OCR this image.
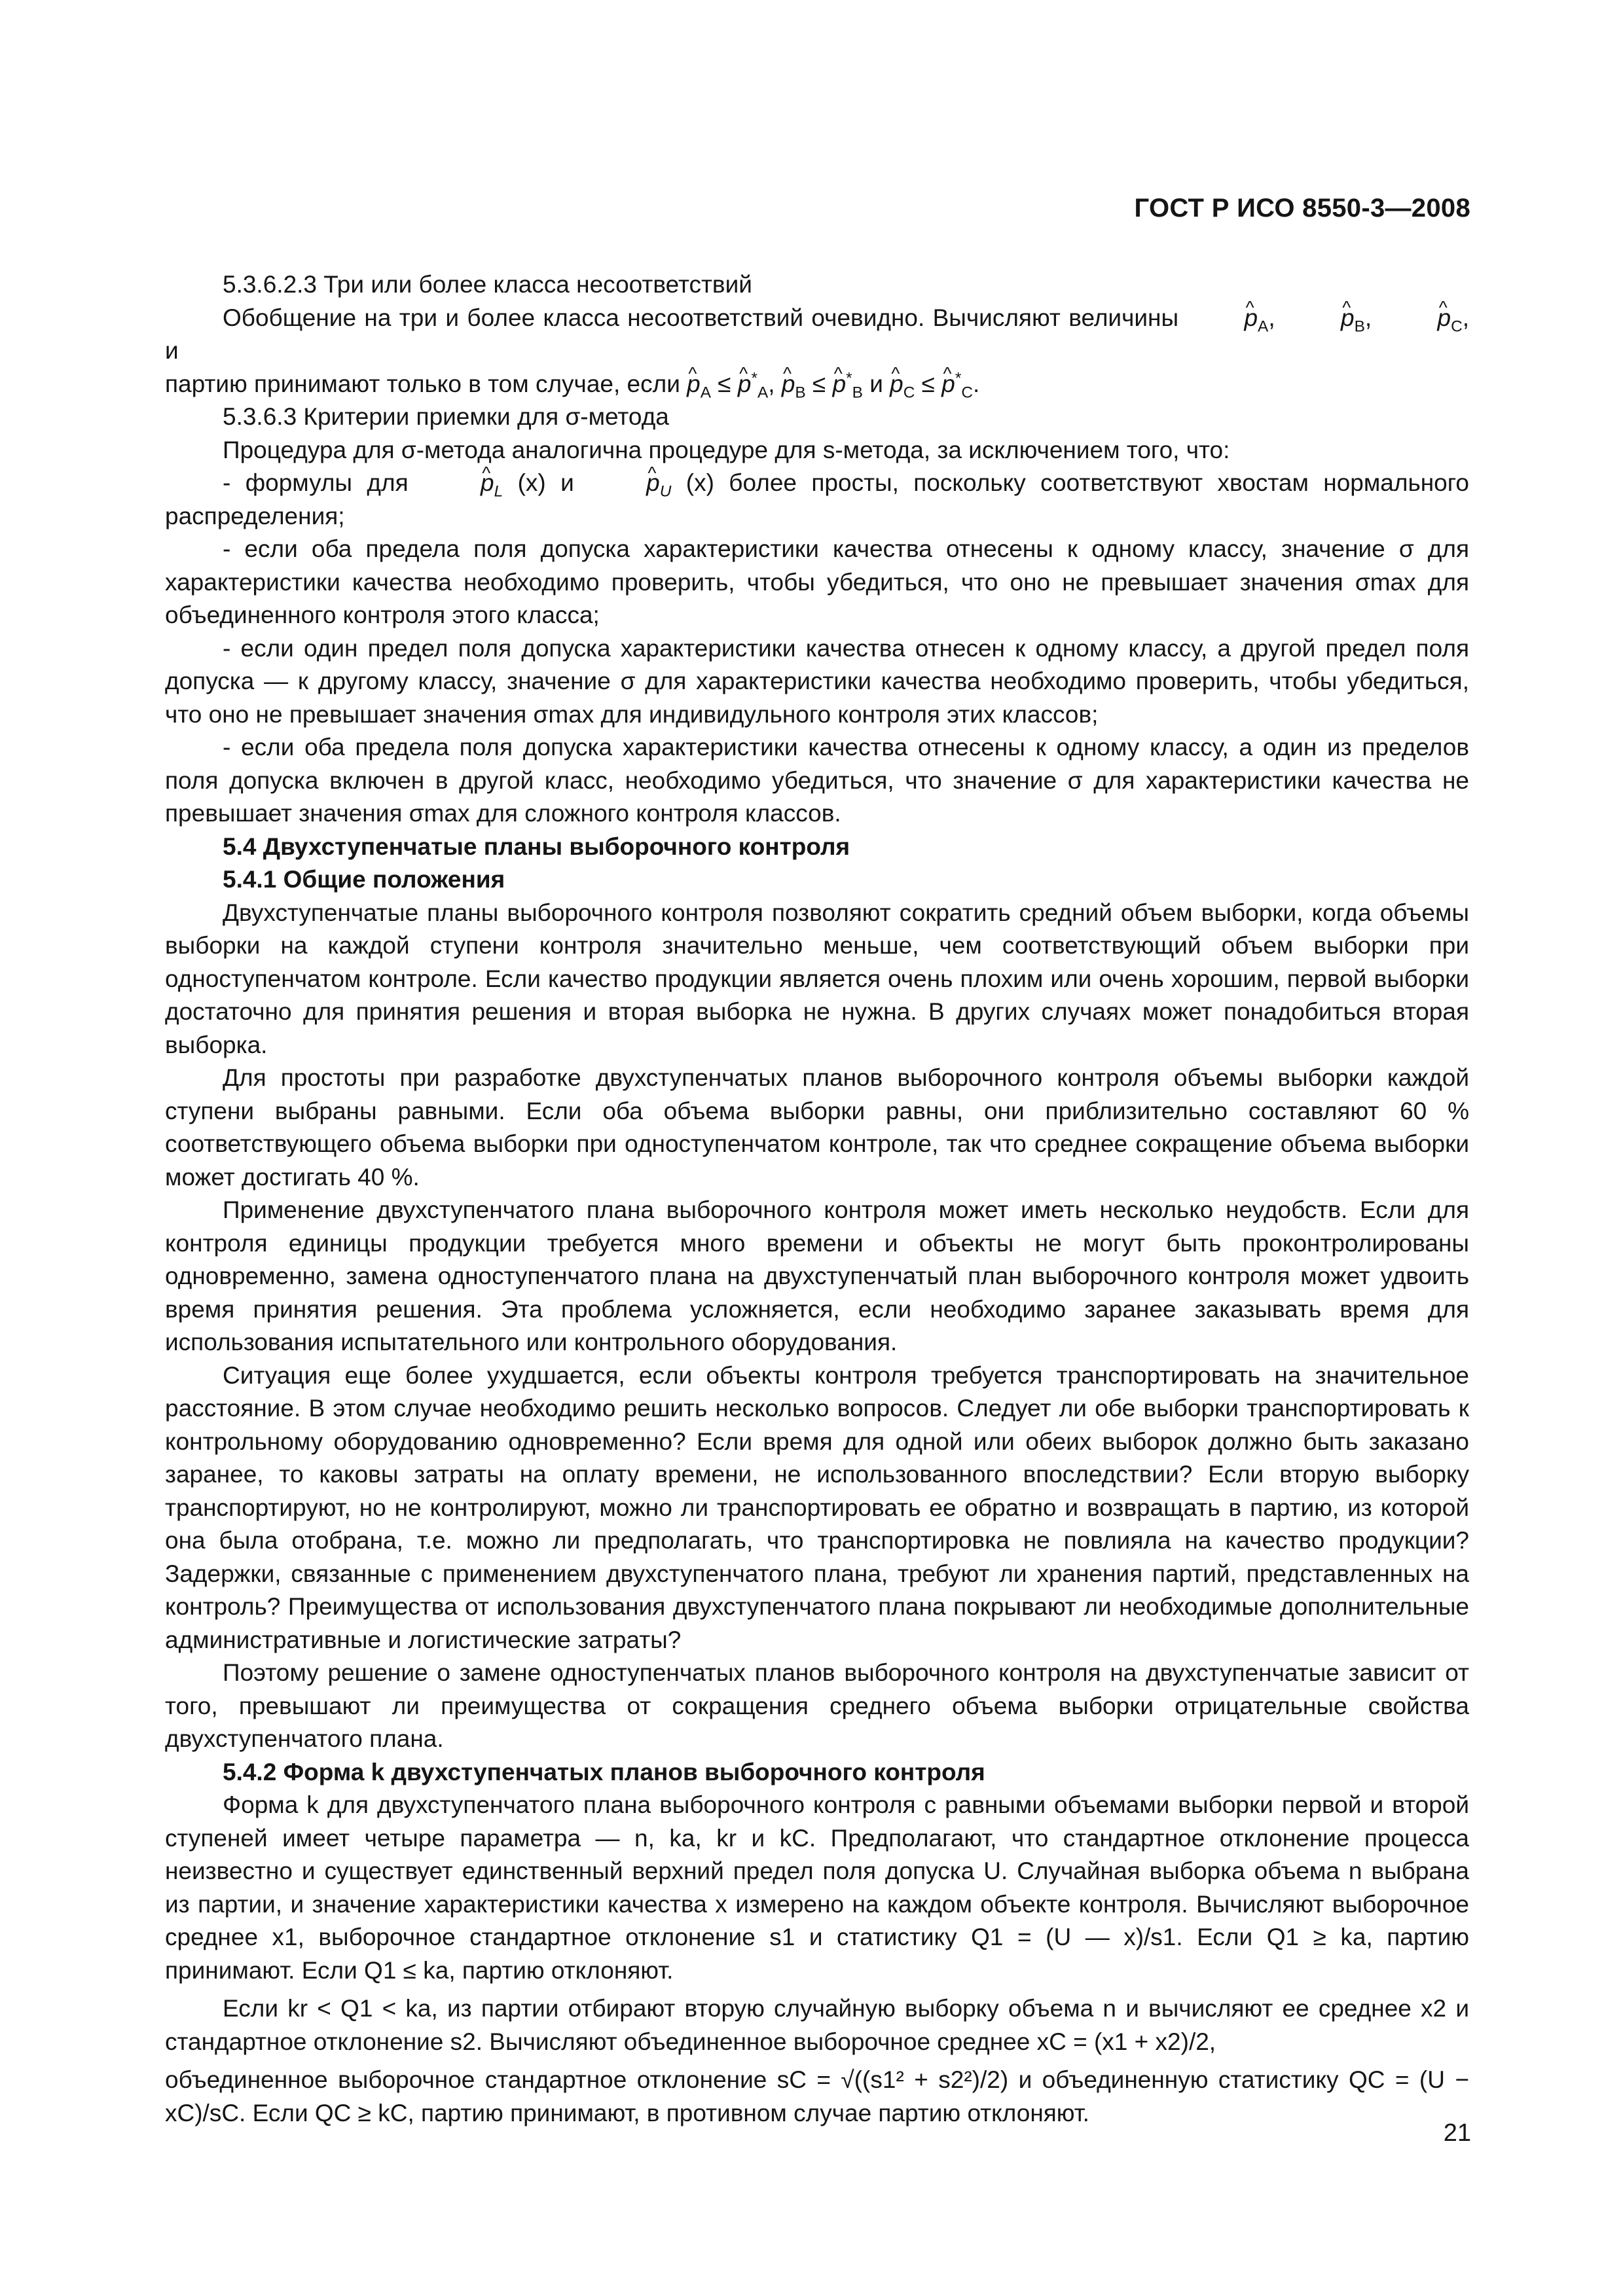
ГОСТ Р ИСО 8550-3—2008

5.3.6.2.3 Три или более класса несоответствий

Обобщение на три и более класса несоответствий очевидно. Вычисляют величины	^ $p_A$, ^ $p_B$, ^ $p_C$, и

партию принимают только в том случае, если ^ $p_A$ ≤ ^ $p^*_A$, ^ $p_B$ ≤ ^ $p^*_B$ и ^ $p_C$ ≤ ^ $p^*_C$.

5.3.6.3 Критерии приемки для σ-метода

Процедура для σ-метода аналогична процедуре для s-метода, за исключением того, что:

- формулы для	^ $p_L$ (x) и	^ $p_U$ (x) более просты, поскольку соответствуют хвостам нормального распределения;

- если оба предела поля допуска характеристики качества отнесены к одному классу, значение σ для характеристики качества необходимо проверить, чтобы убедиться, что оно не превышает значения σmax для объединенного контроля этого класса;

- если один предел поля допуска характеристики качества отнесен к одному классу, а другой предел поля допуска — к другому классу, значение σ для характеристики качества необходимо проверить, чтобы убедиться, что оно не превышает значения σmax для индивидульного контроля этих классов;

- если оба предела поля допуска характеристики качества отнесены к одному классу, а один из пределов поля допуска включен в другой класс, необходимо убедиться, что значение σ для характеристики качества не превышает значения σmax для сложного контроля классов.

5.4 Двухступенчатые планы выборочного контроля

5.4.1 Общие положения

Двухступенчатые планы выборочного контроля позволяют сократить средний объем выборки, когда объемы выборки на каждой ступени контроля значительно меньше, чем соответствующий объем выборки при одноступенчатом контроле. Если качество продукции является очень плохим или очень хорошим, первой выборки достаточно для принятия решения и вторая выборка не нужна. В других случаях может понадобиться вторая выборка.

Для простоты при разработке двухступенчатых планов выборочного контроля объемы выборки каждой ступени выбраны равными. Если оба объема выборки равны, они приблизительно составляют 60 % соответствующего объема выборки при одноступенчатом контроле, так что среднее сокращение объема выборки может достигать 40 %.

Применение двухступенчатого плана выборочного контроля может иметь несколько неудобств. Если для контроля единицы продукции требуется много времени и объекты не могут быть проконтролированы одновременно, замена одноступенчатого плана на двухступенчатый план выборочного контроля может удвоить время принятия решения. Эта проблема усложняется, если необходимо заранее заказывать время для использования испытательного или контрольного оборудования.

Ситуация еще более ухудшается, если объекты контроля требуется транспортировать на значительное расстояние. В этом случае необходимо решить несколько вопросов. Следует ли обе выборки транспортировать к контрольному оборудованию одновременно? Если время для одной или обеих выборок должно быть заказано заранее, то каковы затраты на оплату времени, не использованного впоследствии? Если вторую выборку транспортируют, но не контролируют, можно ли транспортировать ее обратно и возвращать в партию, из которой она была отобрана, т.е. можно ли предполагать, что транспортировка не повлияла на качество продукции? Задержки, связанные с применением двухступенчатого плана, требуют ли хранения партий, представленных на контроль? Преимущества от использования двухступенчатого плана покрывают ли необходимые дополнительные административные и логистические затраты?

Поэтому решение о замене одноступенчатых планов выборочного контроля на двухступенчатые зависит от того, превышают ли преимущества от сокращения среднего объема выборки отрицательные свойства двухступенчатого плана.

5.4.2 Форма k двухступенчатых планов выборочного контроля

Форма k для двухступенчатого плана выборочного контроля с равными объемами выборки первой и второй ступеней имеет четыре параметра — n, ka, kr и kC. Предполагают, что стандартное отклонение процесса неизвестно и существует единственный верхний предел поля допуска U. Случайная выборка объема n выбрана из партии, и значение характеристики качества x измерено на каждом объекте контроля. Вычисляют выборочное среднее x1, выборочное стандартное отклонение s1 и статистику Q1 = (U — x)/s1. Если Q1 ≥ ka, партию принимают. Если Q1 ≤ ka, партию отклоняют.

Если kr < Q1 < ka, из партии отбирают вторую случайную выборку объема n и вычисляют ее среднее x2 и стандартное отклонение s2. Вычисляют объединенное выборочное среднее xC = (x1 + x2)/2,

объединенное выборочное стандартное отклонение sC = √((s1² + s2²)/2) и объединенную статистику QC = (U − xC)/sC. Если QC ≥ kC, партию принимают, в противном случае партию отклоняют.

21
